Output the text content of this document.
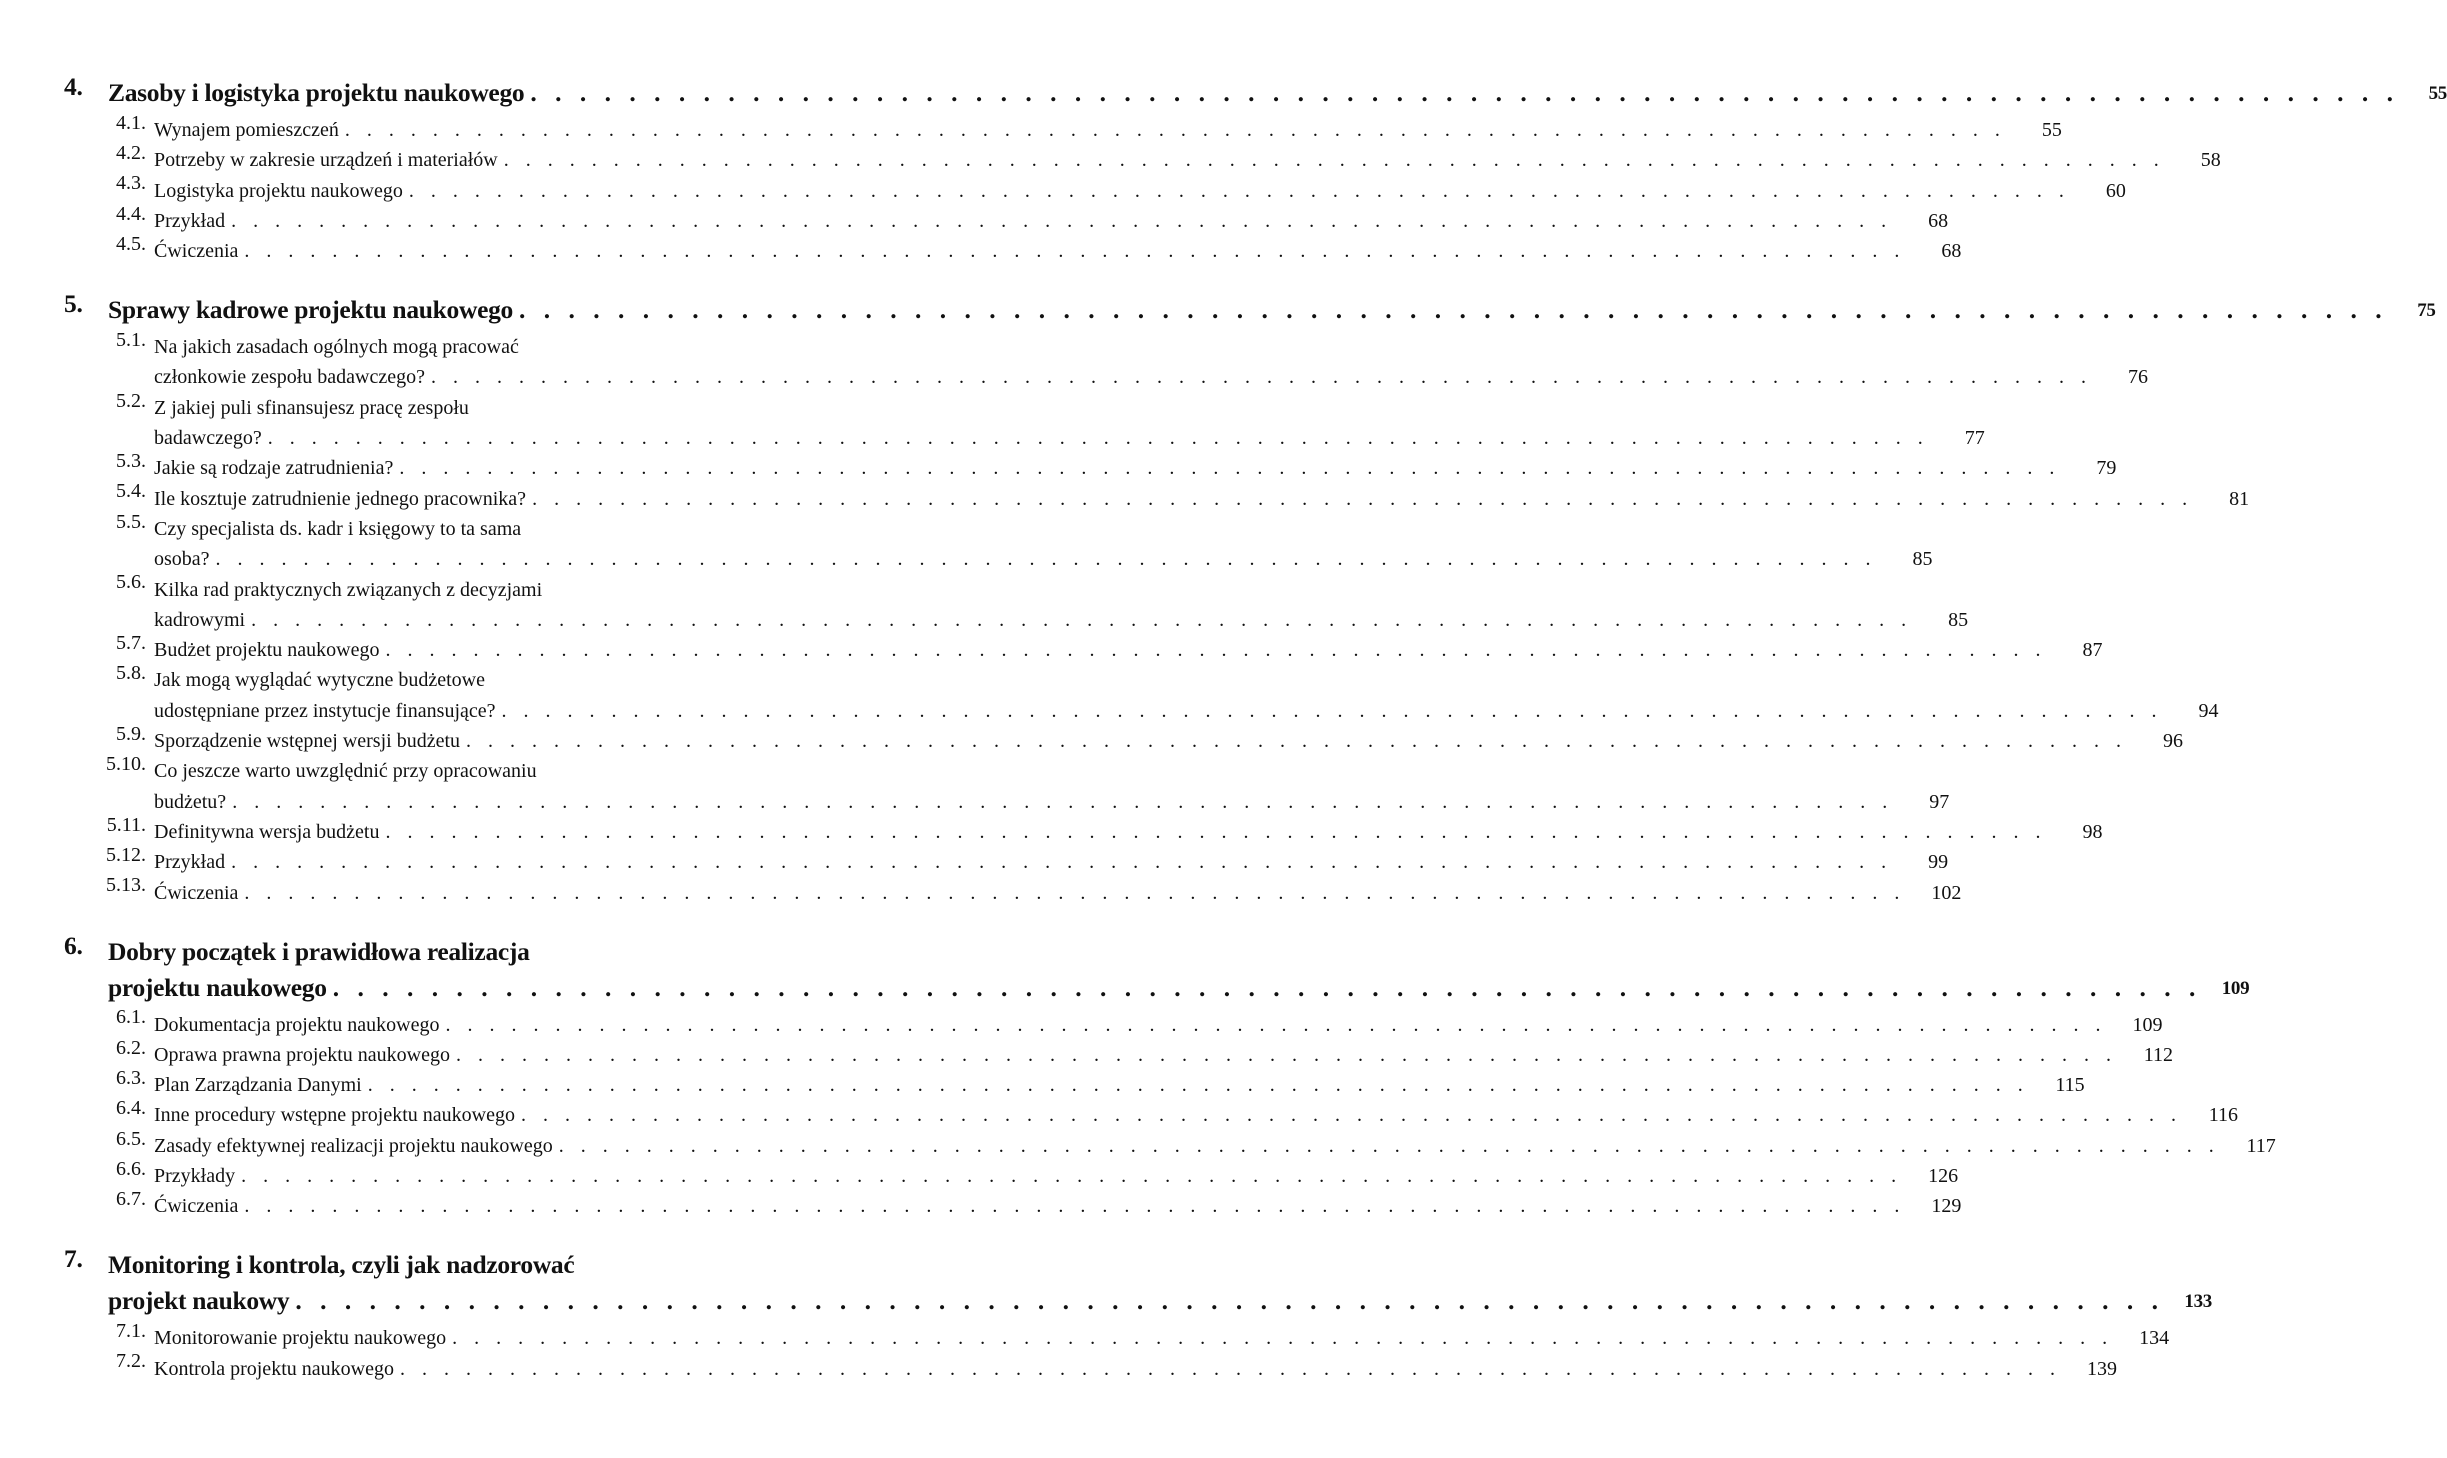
4. Zasoby i logistyka projektu naukowego . . .	55
4.1. Wynajem pomieszczeń . . .	55
4.2. Potrzeby w zakresie urządzeń i materiałów . . .	58
4.3. Logistyka projektu naukowego . . .	60
4.4. Przykład . . .	68
4.5. Ćwiczenia . . .	68
5. Sprawy kadrowe projektu naukowego . . .	75
5.1. Na jakich zasadach ogólnych mogą pracować
członkowie zespołu badawczego? . . .	76
5.2. Z jakiej puli sfinansujesz pracę zespołu
badawczego? . . .	77
5.3. Jakie są rodzaje zatrudnienia? . . .	79
5.4. Ile kosztuje zatrudnienie jednego pracownika? . . .	81
5.5. Czy specjalista ds. kadr i księgowy to ta sama
osoba? . . .	85
5.6. Kilka rad praktycznych związanych z decyzjami
kadrowymi . . .	85
5.7. Budżet projektu naukowego . . .	87
5.8. Jak mogą wyglądać wytyczne budżetowe
udostępniane przez instytucje finansujące? . . .	94
5.9. Sporządzenie wstępnej wersji budżetu . . .	96
5.10. Co jeszcze warto uwzględnić przy opracowaniu
budżetu? . . .	97
5.11. Definitywna wersja budżetu . . .	98
5.12. Przykład . . .	99
5.13. Ćwiczenia . . .	102
6. Dobry początek i prawidłowa realizacja
projektu naukowego . . .	109
6.1. Dokumentacja projektu naukowego . . .	109
6.2. Oprawa prawna projektu naukowego . . .	112
6.3. Plan Zarządzania Danymi . . .	115
6.4. Inne procedury wstępne projektu naukowego . . .	116
6.5. Zasady efektywnej realizacji projektu naukowego . . .	117
6.6. Przykłady . . .	126
6.7. Ćwiczenia . . .	129
7. Monitoring i kontrola, czyli jak nadzorować
projekt naukowy . . .	133
7.1. Monitorowanie projektu naukowego . . .	134
7.2. Kontrola projektu naukowego . . .	139
